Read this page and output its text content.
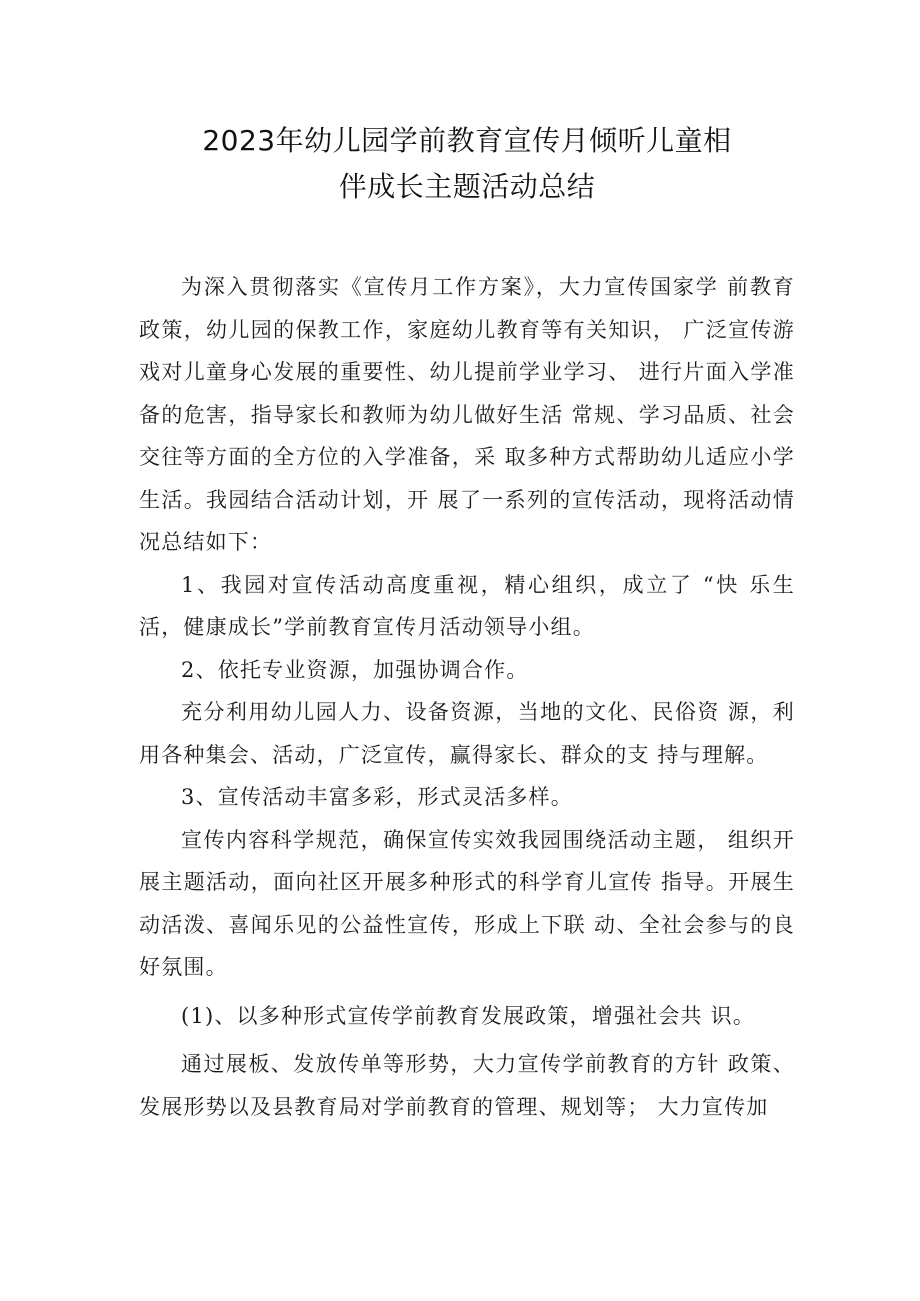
2023年幼儿园学前教育宣传月倾听儿童相
伴成长主题活动总结

为深入贯彻落实《宣传月工作方案》，大力宣传国家学 前教育政策，幼儿园的保教工作，家庭幼儿教育等有关知识， 广泛宣传游戏对儿童身心发展的重要性、幼儿提前学业学习、 进行片面入学准备的危害，指导家长和教师为幼儿做好生活 常规、学习品质、社会交往等方面的全方位的入学准备，采 取多种方式帮助幼儿适应小学生活。我园结合活动计划，开 展了一系列的宣传活动，现将活动情况总结如下：

1、我园对宣传活动高度重视，精心组织，成立了 “快 乐生活，健康成长”学前教育宣传月活动领导小组。

2、依托专业资源，加强协调合作。

充分利用幼儿园人力、设备资源，当地的文化、民俗资 源，利用各种集会、活动，广泛宣传，赢得家长、群众的支 持与理解。

3、宣传活动丰富多彩，形式灵活多样。

宣传内容科学规范，确保宣传实效我园围绕活动主题， 组织开展主题活动，面向社区开展多种形式的科学育儿宣传 指导。开展生动活泼、喜闻乐见的公益性宣传，形成上下联 动、全社会参与的良好氛围。

(1)、以多种形式宣传学前教育发展政策，增强社会共 识。

通过展板、发放传单等形势，大力宣传学前教育的方针 政策、发展形势以及县教育局对学前教育的管理、规划等； 大力宣传加
